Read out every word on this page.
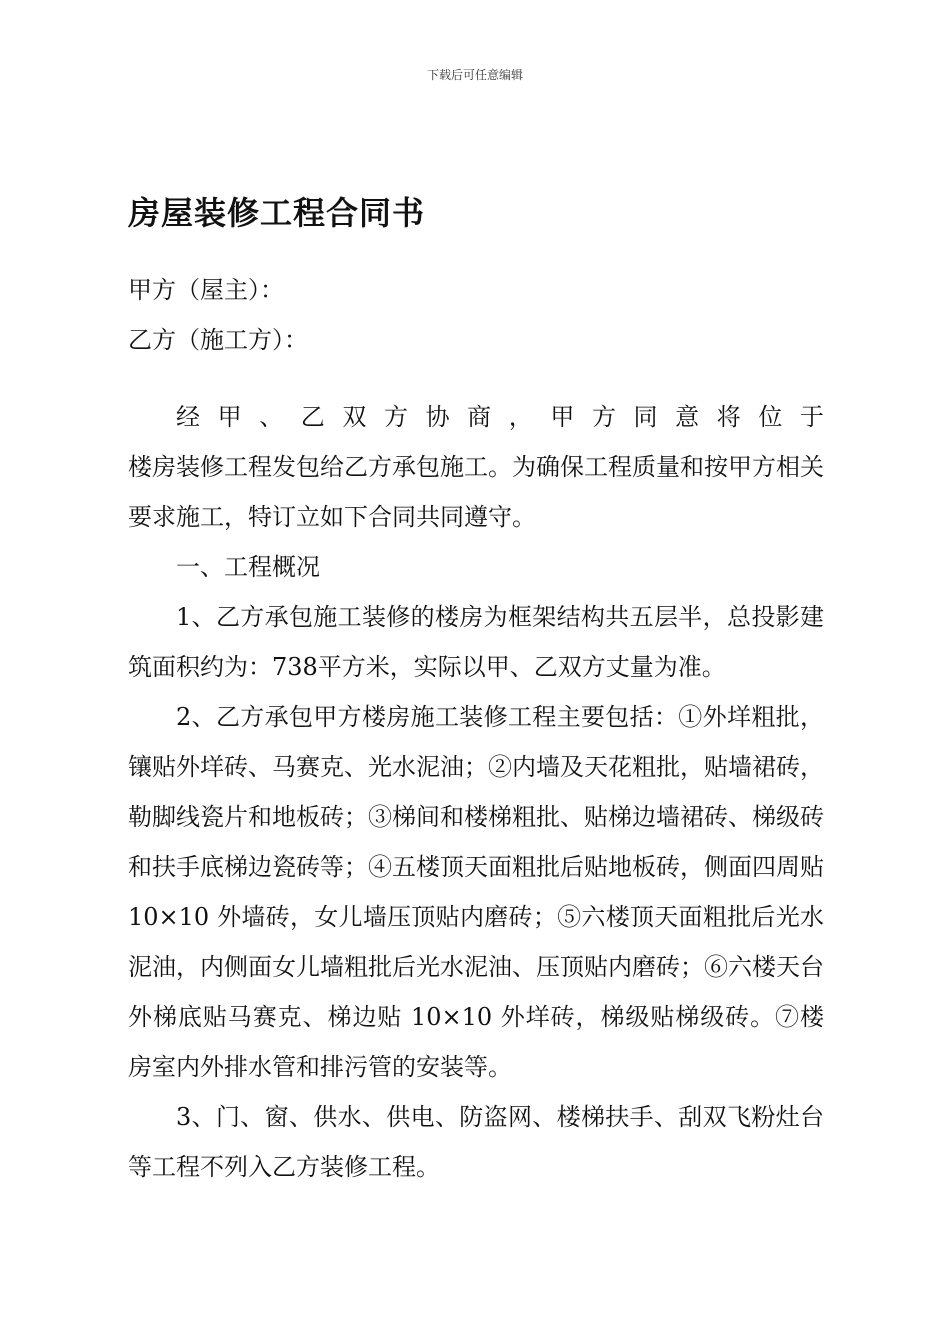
下载后可任意编辑
房屋装修工程合同书
甲方（屋主）：
乙方（施工方）：
经 甲 、 乙 双 方 协 商 ， 甲 方 同 意 将 位 于

楼房装修工程发包给乙方承包施工。为确保工程质量和按甲方相关要求施工，特订立如下合同共同遵守。

一、工程概况

1、乙方承包施工装修的楼房为框架结构共五层半，总投影建筑面积约为：738平方米，实际以甲、乙双方丈量为准。

2、乙方承包甲方楼房施工装修工程主要包括：①外垟粗批，镶贴外垟砖、马赛克、光水泥油；②内墙及天花粗批，贴墙裙砖，勒脚线瓷片和地板砖；③梯间和楼梯粗批、贴梯边墙裙砖、梯级砖和扶手底梯边瓷砖等；④五楼顶天面粗批后贴地板砖，侧面四周贴 10×10 外墙砖，女儿墙压顶贴内磨砖；⑤六楼顶天面粗批后光水泥油，内侧面女儿墙粗批后光水泥油、压顶贴内磨砖；⑥六楼天台外梯底贴马赛克、梯边贴 10×10 外垟砖，梯级贴梯级砖。⑦楼房室内外排水管和排污管的安装等。

3、门、窗、供水、供电、防盗网、楼梯扶手、刮双飞粉灶台等工程不列入乙方装修工程。
